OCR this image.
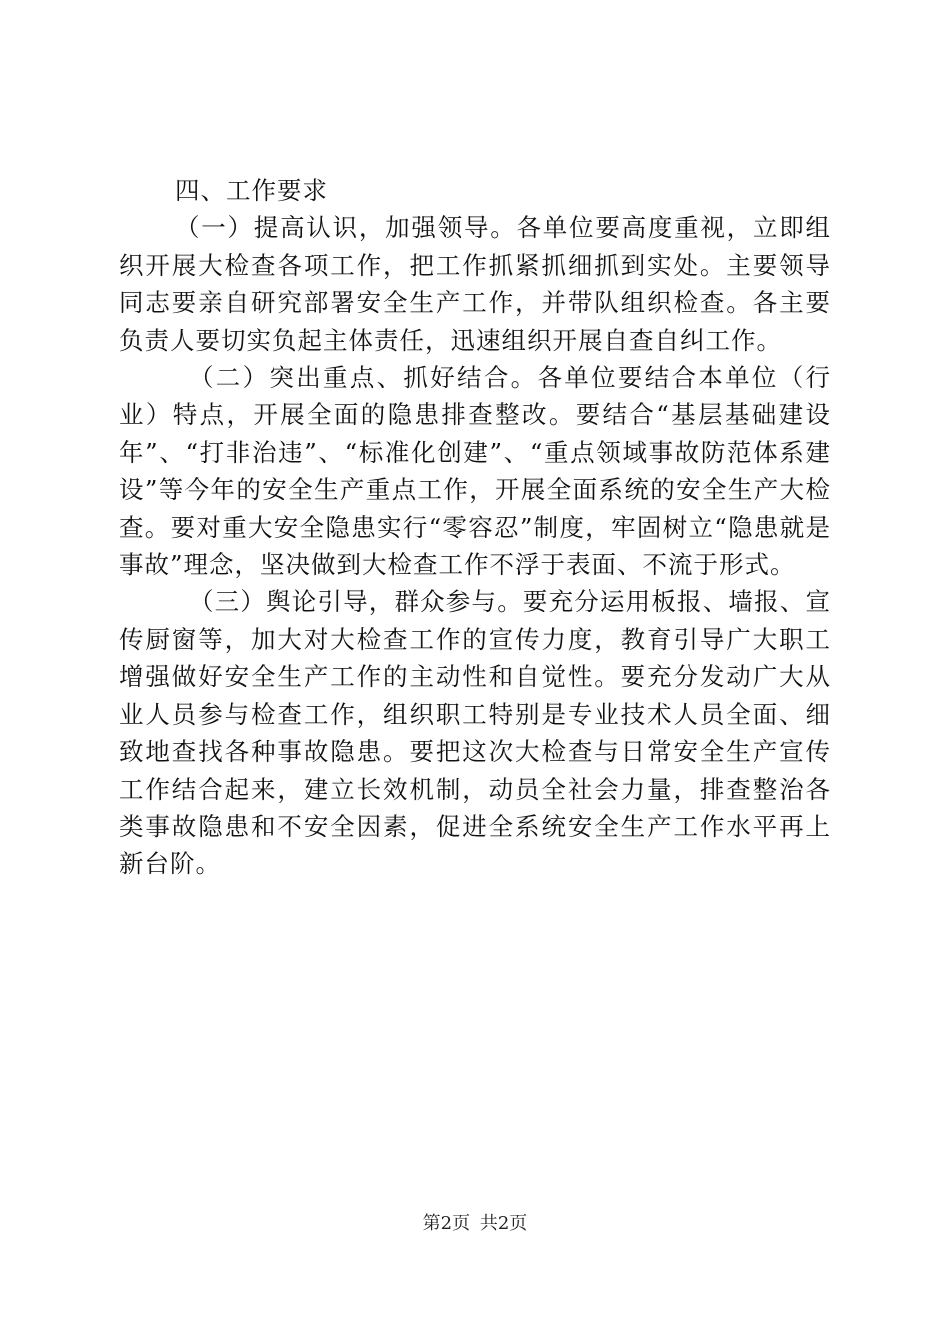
四、工作要求

（一）提高认识，加强领导。各单位要高度重视，立即组织开展大检查各项工作，把工作抓紧抓细抓到实处。主要领导同志要亲自研究部署安全生产工作，并带队组织检查。各主要负责人要切实负起主体责任，迅速组织开展自查自纠工作。

（二）突出重点、抓好结合。各单位要结合本单位（行业）特点，开展全面的隐患排查整改。要结合“基层基础建设年”、“打非治违”、“标准化创建”、“重点领域事故防范体系建设”等今年的安全生产重点工作，开展全面系统的安全生产大检查。要对重大安全隐患实行“零容忍”制度，牢固树立“隐患就是事故”理念，坚决做到大检查工作不浮于表面、不流于形式。

（三）舆论引导，群众参与。要充分运用板报、墙报、宣传厨窗等，加大对大检查工作的宣传力度，教育引导广大职工增强做好安全生产工作的主动性和自觉性。要充分发动广大从业人员参与检查工作，组织职工特别是专业技术人员全面、细致地查找各种事故隐患。要把这次大检查与日常安全生产宣传工作结合起来，建立长效机制，动员全社会力量，排查整治各类事故隐患和不安全因素，促进全系统安全生产工作水平再上新台阶。

第2页 共2页
